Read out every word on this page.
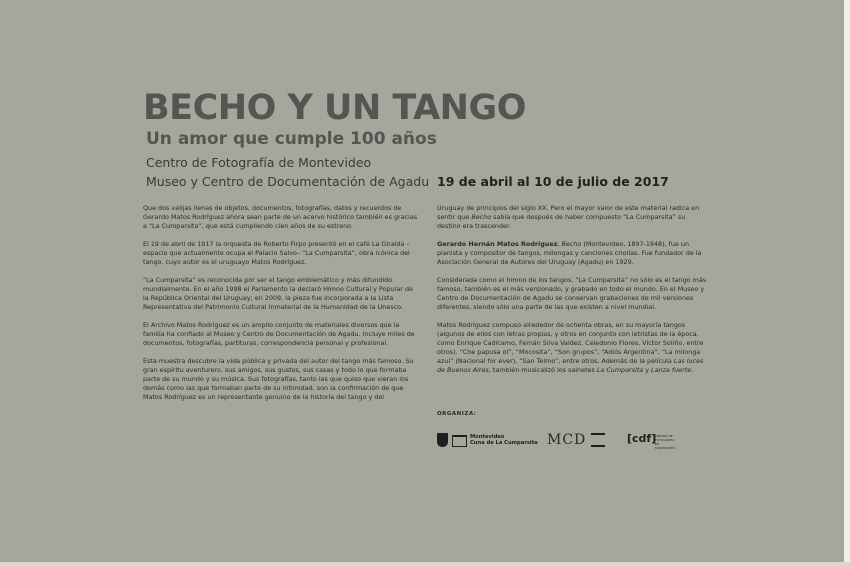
BECHO Y UN TANGO
Un amor que cumple 100 años
Centro de Fotografía de Montevideo
Museo y Centro de Documentación de Agadu 19 de abril al 10 de julio de 2017

Que dos valijas llenas de objetos, documentos, fotografías, datos y recuerdos de Gerardo Matos Rodríguez ahora sean parte de un acervo histórico también es gracias a “La Cumparsita”, que está cumpliendo cien años de su estreno.

El 19 de abril de 1917 la orquesta de Roberto Firpo presentó en el café La Giralda –espacio que actualmente ocupa el Palacio Salvo– “La Cumparsita”, obra icónica del tango, cuyo autor es el uruguayo Matos Rodríguez.

“La Cumparsita” es reconocida por ser el tango emblemático y más difundido mundialmente. En el año 1998 el Parlamento la declaró Himno Cultural y Popular de la República Oriental del Uruguay; en 2009, la pieza fue incorporada a la Lista Representativa del Patrimonio Cultural Inmaterial de la Humanidad de la Unesco.

El Archivo Matos Rodríguez es un amplio conjunto de materiales diversos que la familia ha confiado al Museo y Centro de Documentación de Agadu. Incluye miles de documentos, fotografías, partituras, correspondencia personal y profesional.

Esta muestra descubre la vida pública y privada del autor del tango más famoso. Su gran espíritu aventurero, sus amigos, sus gustos, sus casas y todo lo que formaba parte de su mundo y su música. Sus fotografías, tanto las que quiso que vieran los demás como las que formaban parte de su intimidad, son la confirmación de que Matos Rodríguez es un representante genuino de la historia del tango y del

Uruguay de principios del siglo XX. Pero el mayor valor de este material radica en sentir que Becho sabía que después de haber compuesto “La Cumparsita” su destino era trascender.

Gerardo Hernán Matos Rodríguez, Becho (Montevideo, 1897-1948), fue un pianista y compositor de tangos, milongas y canciones criollas. Fue fundador de la Asociación General de Autores del Uruguay (Agadu) en 1929.

Considerada como el himno de los tangos, “La Cumparsita” no sólo es el tango más famoso, también es el más versionado, y grabado en todo el mundo. En el Museo y Centro de Documentación de Agadu se conservan grabaciones de mil versiones diferentes, siendo sólo una parte de las que existen a nivel mundial.

Matos Rodríguez compuso alrededor de ochenta obras, en su mayoría tangos (algunos de ellos con letras propias, y otros en conjunto con letristas de la época, como Enrique Cadícamo, Fernán Silva Valdez, Celedonio Flores, Víctor Soliño, entre otros). “Che papusa oí”, “Mocosita”, “Son grupos”, “Adiós Argentina”, “La milonga azul” (Nacional for ever), “San Telmo”, entre otros. Además de la película Las luces de Buenos Aires, también musicalizó los sainetes La Cumparsita y Lanza fuerte.

ORGANIZA:
Montevideo
Cuna de La Cumparsita MCD	[cdf]
CENTRO DE FOTOGRAFÍA DE MONTEVIDEO
